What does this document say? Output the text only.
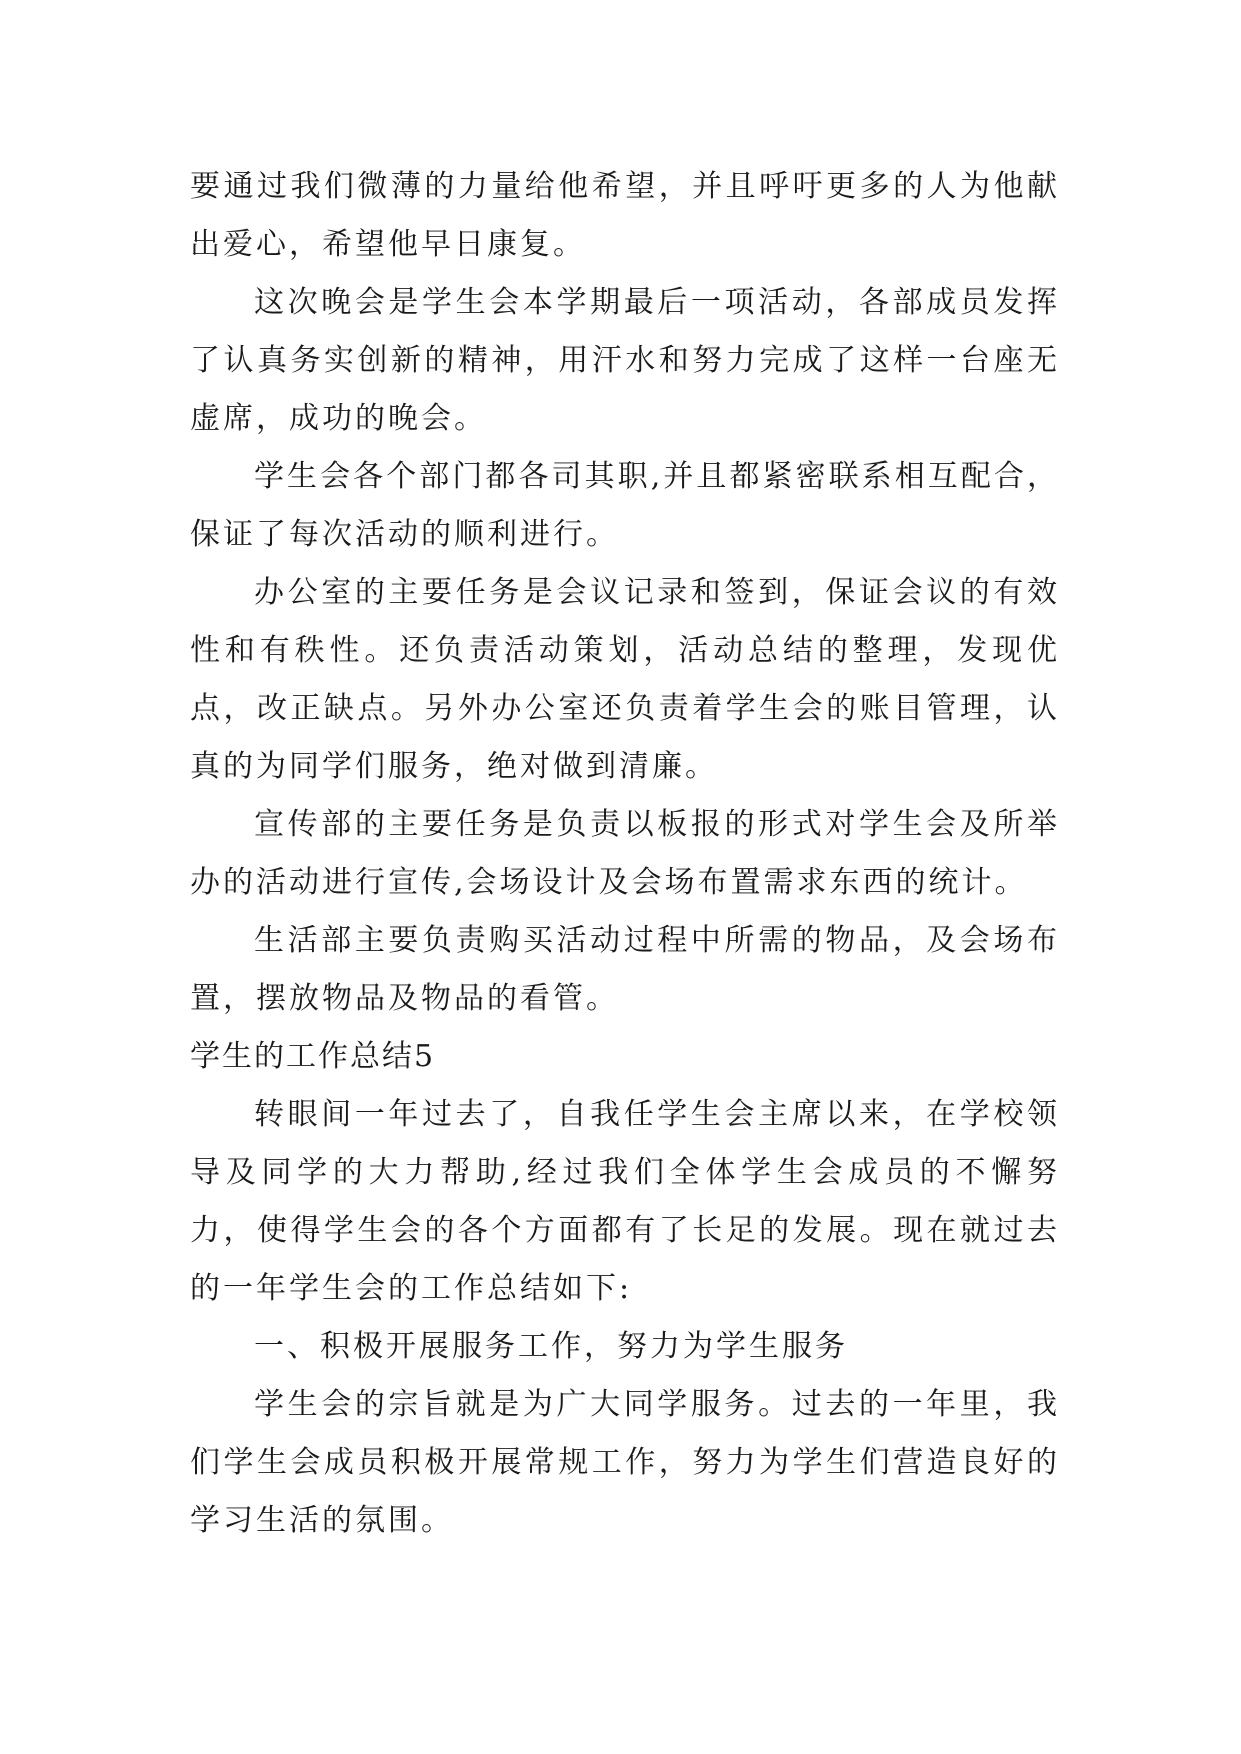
要通过我们微薄的力量给他希望，并且呼吁更多的人为他献出爱心，希望他早日康复。

这次晚会是学生会本学期最后一项活动，各部成员发挥了认真务实创新的精神，用汗水和努力完成了这样一台座无虚席，成功的晚会。

学生会各个部门都各司其职,并且都紧密联系相互配合，保证了每次活动的顺利进行。

办公室的主要任务是会议记录和签到，保证会议的有效性和有秩性。还负责活动策划，活动总结的整理，发现优点，改正缺点。另外办公室还负责着学生会的账目管理，认真的为同学们服务，绝对做到清廉。

宣传部的主要任务是负责以板报的形式对学生会及所举办的活动进行宣传,会场设计及会场布置需求东西的统计。

生活部主要负责购买活动过程中所需的物品，及会场布置，摆放物品及物品的看管。

学生的工作总结5

转眼间一年过去了，自我任学生会主席以来，在学校领导及同学的大力帮助,经过我们全体学生会成员的不懈努力，使得学生会的各个方面都有了长足的发展。现在就过去的一年学生会的工作总结如下:

一、积极开展服务工作，努力为学生服务

学生会的宗旨就是为广大同学服务。过去的一年里，我们学生会成员积极开展常规工作，努力为学生们营造良好的学习生活的氛围。
